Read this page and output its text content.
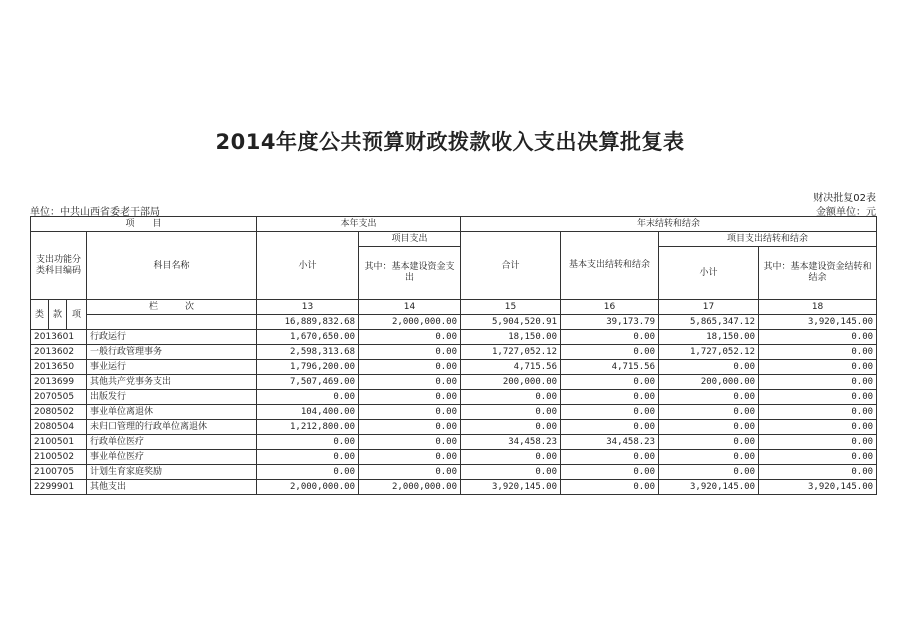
2014年度公共预算财政拨款收入支出决算批复表
财决批复02表
单位：中共山西省委老干部局	金额单位：元
项　　目				本年支出		年末结转和结余			
支出功能分类科目编码			科目名称	小计	项目支出	合计	基本支出结转和结余	项目支出结转和结余	
					其中：基本建设资金支出			小计	其中：基本建设资金结转和结余
类	款	项	栏　　　次	13	14	15	16	17	18
				16,889,832.68	2,000,000.00	5,904,520.91	39,173.79	5,865,347.12	3,920,145.00
2013601			行政运行	1,670,650.00	0.00	18,150.00	0.00	18,150.00	0.00
2013602			一般行政管理事务	2,598,313.68	0.00	1,727,052.12	0.00	1,727,052.12	0.00
2013650			事业运行	1,796,200.00	0.00	4,715.56	4,715.56	0.00	0.00
2013699			其他共产党事务支出	7,507,469.00	0.00	200,000.00	0.00	200,000.00	0.00
2070505			出版发行	0.00	0.00	0.00	0.00	0.00	0.00
2080502			事业单位离退休	104,400.00	0.00	0.00	0.00	0.00	0.00
2080504			未归口管理的行政单位离退休	1,212,800.00	0.00	0.00	0.00	0.00	0.00
2100501			行政单位医疗	0.00	0.00	34,458.23	34,458.23	0.00	0.00
2100502			事业单位医疗	0.00	0.00	0.00	0.00	0.00	0.00
2100705			计划生育家庭奖励	0.00	0.00	0.00	0.00	0.00	0.00
2299901			其他支出	2,000,000.00	2,000,000.00	3,920,145.00	0.00	3,920,145.00	3,920,145.00
